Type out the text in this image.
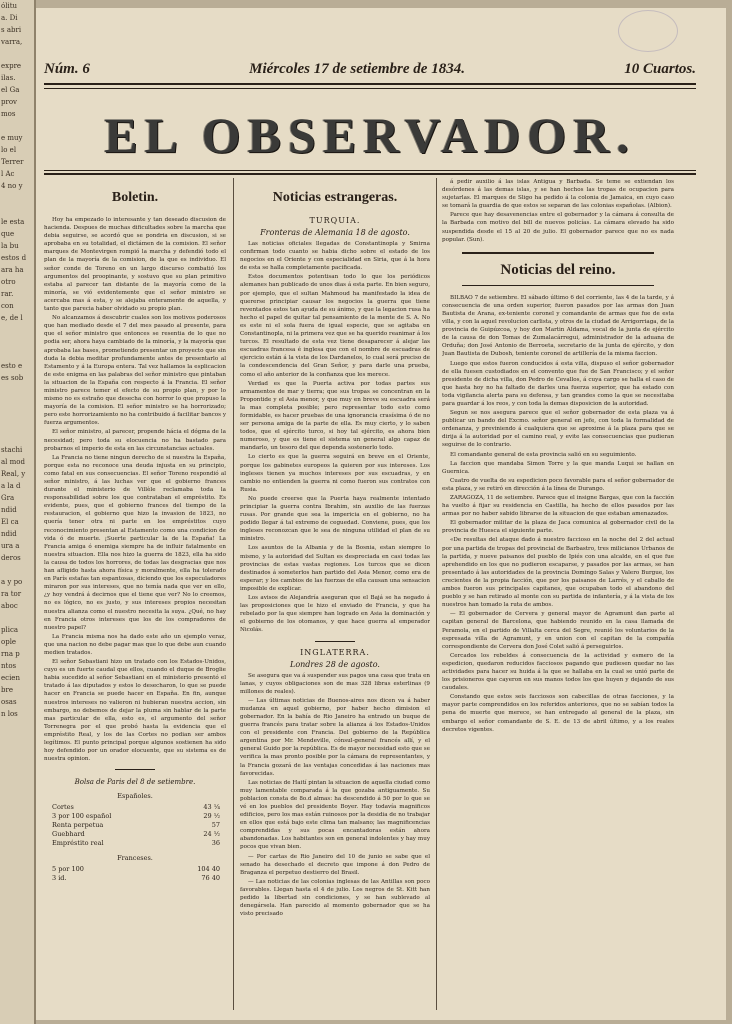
ólitu
a. Di
s abri
varra,

expre
ilas.
el Ga
prov
mos

e muy
lo el
Terrer
l Ac
4 no y

le esta
que
la bu
estos d
ara ha
otro
rar.
con
e, de l

esto e
es sob

stachi
al mod
Real, y
a la d
Gra
ndid
El ca
ndid
ura a
deros

a y po
ra tor
aboc

plica
ople
rna p
ntos
ecien
bre
osas
n los
Núm. 6	Miércoles 17 de setiembre de 1834.	10 Cuartos.
EL OBSERVADOR.
Boletin.

Hoy ha empezado lo interesante y tan deseado discusion de hacienda. Despues de muchas dificultades sobre la marcha que debia seguirse, se acordó que se pondria en discusion, si se aprobaba en su totalidad, el dictámen de la comision. El señor marques de Montevirgen rompió la marcha y defendió todo el plan de la mayoría de la comision, de la que es individuo. El señor conde de Toreno en un largo discurso combatió los argumentos del proopinante, y sostuvo que su plan primitivo estaba al parecer tan distante de la mayoría como de la minoría, se vió evidentemente que el señor ministro se acercaba mas á esta, y se alejaba enteramente de aquella, y tanto que parecia haber olvidado su propio plan.

No alcanzamos á descubrir cuales son los motivos poderosos que han mediado desde el 7 del mes pasado al presente, para que el señor ministro que entonces se resentia de lo que no podia ser, ahora haya cambiado de la minoría, y la mayoría que aprobaba las bases, prometiendo presentar un proyecto que sin duda la debia meditar profundamente antes de presentarlo al Estamento y á la Europa entera. Tal vez hallamos la esplicacion de este enigma en las palabras del señor ministro que pintaban la situacion de la España con respecto á la Francia. El señor ministro parece temer el efecto de su propio plan, y por lo mismo no es estraño que desecha con horror lo que propuso la mayoría de la comision. El señor ministro se ha horrorizado; pero este horrorizamiento no ha contribuido á facilitar bancos y fuerza argumentos.

El señor ministro, al parecer, propende hácia el dógma de la necesidad; pero toda su elocuencia no ha bastado para probarnos el imperio de esta en las circunstancias actuales.

La Francia no tiene ningun derecho de si nuestra la España, porque esta no reconoce una deuda injusta en su principio, como fatal en sus consecuencias. El señor Toreno respondió al señor ministro, á las luchas ver que el gobierno frances durante el ministerio de Villèle reclamaba toda la responsabilidad sobre los que contrataban el empréstito. Es evidente, pues, que el gobierno frances del tiempo de la restauracion, el gobierno que hizo la invasion de 1823, no quería tener otra ni parte en los empréstitos cuyo reconocimiento presentan al Estamento como una condicion de vida ó de muerte. ¡Suerte particular la de la España! La Francia amiga ó enemiga siempre ha de influir fatalmente en nuestra situacion. Ella nos hizo la guerra de 1823, ella ha sido la causa de todos los horrores, de todas las desgracias que nos han afligido hasta ahora física y moralmente, ella ha tolerado en París estafas tan espantosas, diciendo que los especuladores miraron por sus intereses, que no temía nada que ver en ello, ¿y hoy vendrá á decirnos que el tiene que ver? No lo creemos, no es lógico, no es justo, y sus intereses propios necesitan nuestra alianza como el nuestro necesita la suya. ¿Qué, no hay en Francia otros intereses que los de los compradores de nuestro papel?

La Francia misma nos ha dado este año un ejemplo veraz, que una nacion no debe pagar mas que lo que debe aun cuando medien tratados.

El señor Sebastiani hizo un tratado con los Estados-Unidos, cuyo es un fuerte caudal que ellos, cuando el duque de Broglie habia sucedido al señor Sebastiani en el ministerio presentó el tratado á las diputados y estos lo desecharon, lo que se puede hacer en Francia se puede hacer en España. En fin, aunque nuestros intereses no valieron ni hubieran nuestra accion, sin embargo, no debemos de dejar la pluma sin hablar de la parte mas particular de ella, esto es, el argumento del señor Torrenegra por el que probó hasta la evidencia que el empréstito Real, y los de las Cortes no podian ser ambos legítimos. El punto principal porque algunos sostienen ha sido hoy defendido por un orador elocuente, que su sistema es de nuestra opinion.

Bolsa de Paris del 8 de setiembre.
Españoles.
Cortes	43 ¼
3 por 100 español	29 ½
Renta perpetua	57
Guebhard	24 ½
Empréstito real	36
Franceses.
5 por 100	104 40
3 id.	76 40
Noticias estrangeras.
TURQUIA.
Fronteras de Alemania 18 de agosto.

Las noticias oficiales llegadas de Constantinopla y Smirna confirman todo cuanto se habia dicho sobre el estado de los negocios en el Oriente y con especialidad en Siria, que á la hora de esta se halla completamente pacificada.

Estos documentos potentisan todo lo que los periódicos alemanes han publicado de unos dias á esta parte. En bien seguro, por ejemplo, que el sultan Mahmoud ha manifestado la idea de quererse principiar causar los negocios la guerra que tiene reventados estos tan ayuda de su ánimo, y que la legacion rusa ha hecho el papel de quitar tal pensamiento de la mente de S. A. No es este ni el sola fuera de igual especie, que se agitaba en Constantinopla, ni la primera vez que se ha querido reanimar á los turcos. El resultado de esta vez tiene desaparecer á alejar las escuadras francesa é inglesa que con el nombre de escuadras de ejercicio están á la vista de los Dardanelos, lo cual será preciso de la condescendencia del Gran Señor, y para darle una prueba, como el año anterior de la confianza que les merece.

Verdad es que la Puerta activa por todas partes sus armamentos de mar y tierra; que sus tropas se concentran en la Propontide y el Asia menor, y que muy en breve su escuadra será la mas completa posible; pero representar todo esto como formidable, es hacer pruebas de una ignorancia crasísima ó de no ser persona amiga de la parte de ella. Es muy cierto, y lo saben todos, que el ejército turco, si hoy tal ejército, es ahora bien numeroso, y que es tiene el sistema un general algo capaz de mandarlo, un tesoro del que dependa sostenerlo todo.

Lo cierto es que la guerra seguirá en breve en el Oriente, porque los gabinetes europeos la quieren por sus intereses. Los ingleses tienen ya muchos intereses por sus escuadras, y en cambio no entienden la guerra ni como fueron sus contratos con Rusia.

No puede creerse que la Puerta haya realmente intentado principiar la guerra contra Ibrahim, sin auxilio de las fuerzas rusas. Por grande que sea la impericia en el gobierno, no ha podido llegar á tal extremo de ceguedad. Conviene, pues, que los ingleses reconozcan que le sea de ninguna utilidad el plan de su ministro.

Los asuntos de la Albania y de la Bosnia, estan siempre lo mismo, y la autoridad del Sultan es despreciada en casi todas las provincias de estas vastas regiones. Los turcos que se dicen destinados á someterlos han partido del Asia Menor, como era de esperar; y los cambios de las fuerzas de ella causan una sensacion imposible de explicar.

Los avisos de Alejandría aseguran que el Bajá se ha negado á las proposiciones que le hizo el enviado de Francia, y que ha rebelado por la que siempre han logrado en Asia la dominación y el gobierno de los otomanos, y que hace guerra al emperador Nicolás.

INGLATERRA.
Londres 28 de agosto.

Se asegura que va á suspender sus pagos una casa que trata en lanas, y cuyos obligaciones son de mas 328 libras esterlinas (9 millones de reales).

— Las últimas noticias de Buenos-aires nos dicen va á haber mudanza en aquel gobierno, por haber hecho dimision el gobernador. En la bahía de Rio Janeiro ha entrado un buque de guerra francés para tratar sobre la alianza á los Estados-Unidos con el presidente con Francia. Del gobierno de la República argentina por Mr. Mendeville, cónsul-general francés allí, y el general Guido por la república. Es de mayor necesidad esto que se verifica la mas pronto posible por la cámara de representantes, y la Francia gozará de las ventajas concedidas á las naciones mas favorecidas.

Las noticias de Haití pintan la situacion de aquella ciudad como muy lamentable comparada á la que gozaba antiguamente. Su poblacion consta de 8o.d almas: ha descendido á 50 por lo que se vé en los pueblos del presidente Boyer. Hay todavía magnificos edificios, pero los mas están ruinosos por la desidia de no trabajar en ellos que está bajo este clima tan malsano; las magnificencias comprendidas y sus pocas encantadoras están ahora abandonadas. Los habitantes son en general indolentes y hay muy pocos que vivan bien.

— Por cartas de Rio Janeiro del 10 de junio se sabe que el senado ha desechado el decreto que impone á don Pedro de Braganza el perpetuo destierro del Brasil.

— Las noticias de las colonias inglesas de las Antillas son poco favorables. Llegan hasta el 4 de julio. Los negros de St. Kitt han pedido la libertad sin condiciones, y se han sublevado al denegársela. Han parecido al momento gobernador que se ha visto precisado

á pedir auxilio á las islas Antigua y Barbada. Se teme se extiendan los desórdenes á las demas islas, y se han hechos las tropas de ocupacion para sujetarlas. El marques de Sligo ha pedido á la colonia de Jamaica, en cuyo caso se tomará la guardia de que estos se separan de las colonias españolas. (Albion).

Parece que hay desavenencias entre el gobernador y la cámara á consulta de la Barbada con motivo del bill de nuevos policías. La cámara elevado ha sido suspendida desde el 15 al 20 de julio. El gobernador parece que no es nada popular. (Sun).

Noticias del reino.

BILBAO 7 de setiembre. El sábado último 6 del corriente, las 4 de la tarde, y á consecuencia de una orden superior, fueron pasados por las armas don Juan Bautista de Arana, ex-teniente coronel y comandante de armas que fue de esta villa, y con la aquel revolucion carlista, y otros de la ciudad de Arrigorriaga, de la provincia de Guipúzcoa, y hoy don Martin Aldama, vocal de la junta de ejército de la causa de don Tomas de Zumalacárregui, administrador de la aduana de Orduña; don José Antonio de Berroeta, secretario de la junta de ejército, y don Juan Bautista de Dubosh, teniente coronel de artillería de la misma faccion.

Luego que estos fueron conducidos á esta villa, dispuso el señor gobernador de ella fuesen custodiados en el convento que fue de San Francisco; y el señor presidente de dicha villa, don Pedro de Cevallos, á cuya cargo se halla el caso de que hasta hoy no ha faltado de darles una fuerza superior, que ha estado con toda vigilancia alerta para su defensa, y tan grandes como la que se necesitaba para guardar á los reos, y con toda la demas disposicion de la autoridad.

Segun se nos asegura parece que el señor gobernador de esta plaza va á publicar un bando del Excmo. señor general en jefe, con toda la formalidad de ordenanza, y previniendo á cualquiera que se aproxime á la plaza para que se dirija á la autoridad por el camino real, y evite las consecuencias que pudieran seguirse de lo contrario.

El comandante general de esta provincia salió en su seguimiento.

La faccion que mandaba Simon Torre y la que manda Luqui se hallan en Guernica.

Cuatro de vuelta de su espedicion poco favorable para el señor gobernador de esta plaza, y se retiró en dirección á la línea de Durango.

ZARAGOZA, 11 de setiembre. Parece que el insigne Bargas, que con la facción ha vuelto á fijar su residencia en Castilla, ha hecho de ellos pasados por las armas por no haber sabido librarse de la situacion de que estaban amenazados.

El gobernador militar de la plaza de Jaca comunica al gobernador civil de la provincia de Huesca el siguiente parte.

«De resultas del ataque dado á nuestro faccioso en la noche del 2 del actual por una partida de tropas del provincial de Barbastro, tres milicianos Urbanos de la partida, y nueve paisanos del pueblo de Ipiés con una alcalde, en el que fue aprehendido en los que no pudieron escaparse, y pasados por las armas, se han presentado á las autoridades de la provincia Domingo Salas y Valero Burgue, los crecientes de la propia facción, que por los paisanos de Larrés, y el caballo de ambos fueron sus principales capitanes, que ocupaban todo el abandono del pueblo y se han retirado al monte con su partida de infantería, y á la vista de los nuestros han tomado la ruta de ambos.

— El gobernador de Cervera y general mayor de Agramunt dan parte al capitan general de Barcelona, que habiendo reunido en la casa llamada de Peramola, en el partido de Villalta cerca del Segre, reunió los voluntarios de la espresada villa de Agramunt, y en union con el capitan de la compañía correspondiente de Cervera don José Colet salió á perseguirlos.

Cercados los rebeldes á consecuencia de la actividad y esmero de la espedicion, quedaron reducidos facciosos pagando que pudiesen quedar no las actividades para hacer su huida á la que se hallaba en la cual se unió parte de los prisioneros que cayeron en sus manos todos los que huyen y dejando de sus caudales.

Constando que estos seis facciosos son cabecillas de otras facciones, y la mayor parte comprendidos en los referidos anteriores, que no se sabían todos la pena de muerte que merece, se han entregado al general de la plaza, sin embargo el señor comandante de S. E. de 13 de abril último, y a los reales decretos vigentes.
